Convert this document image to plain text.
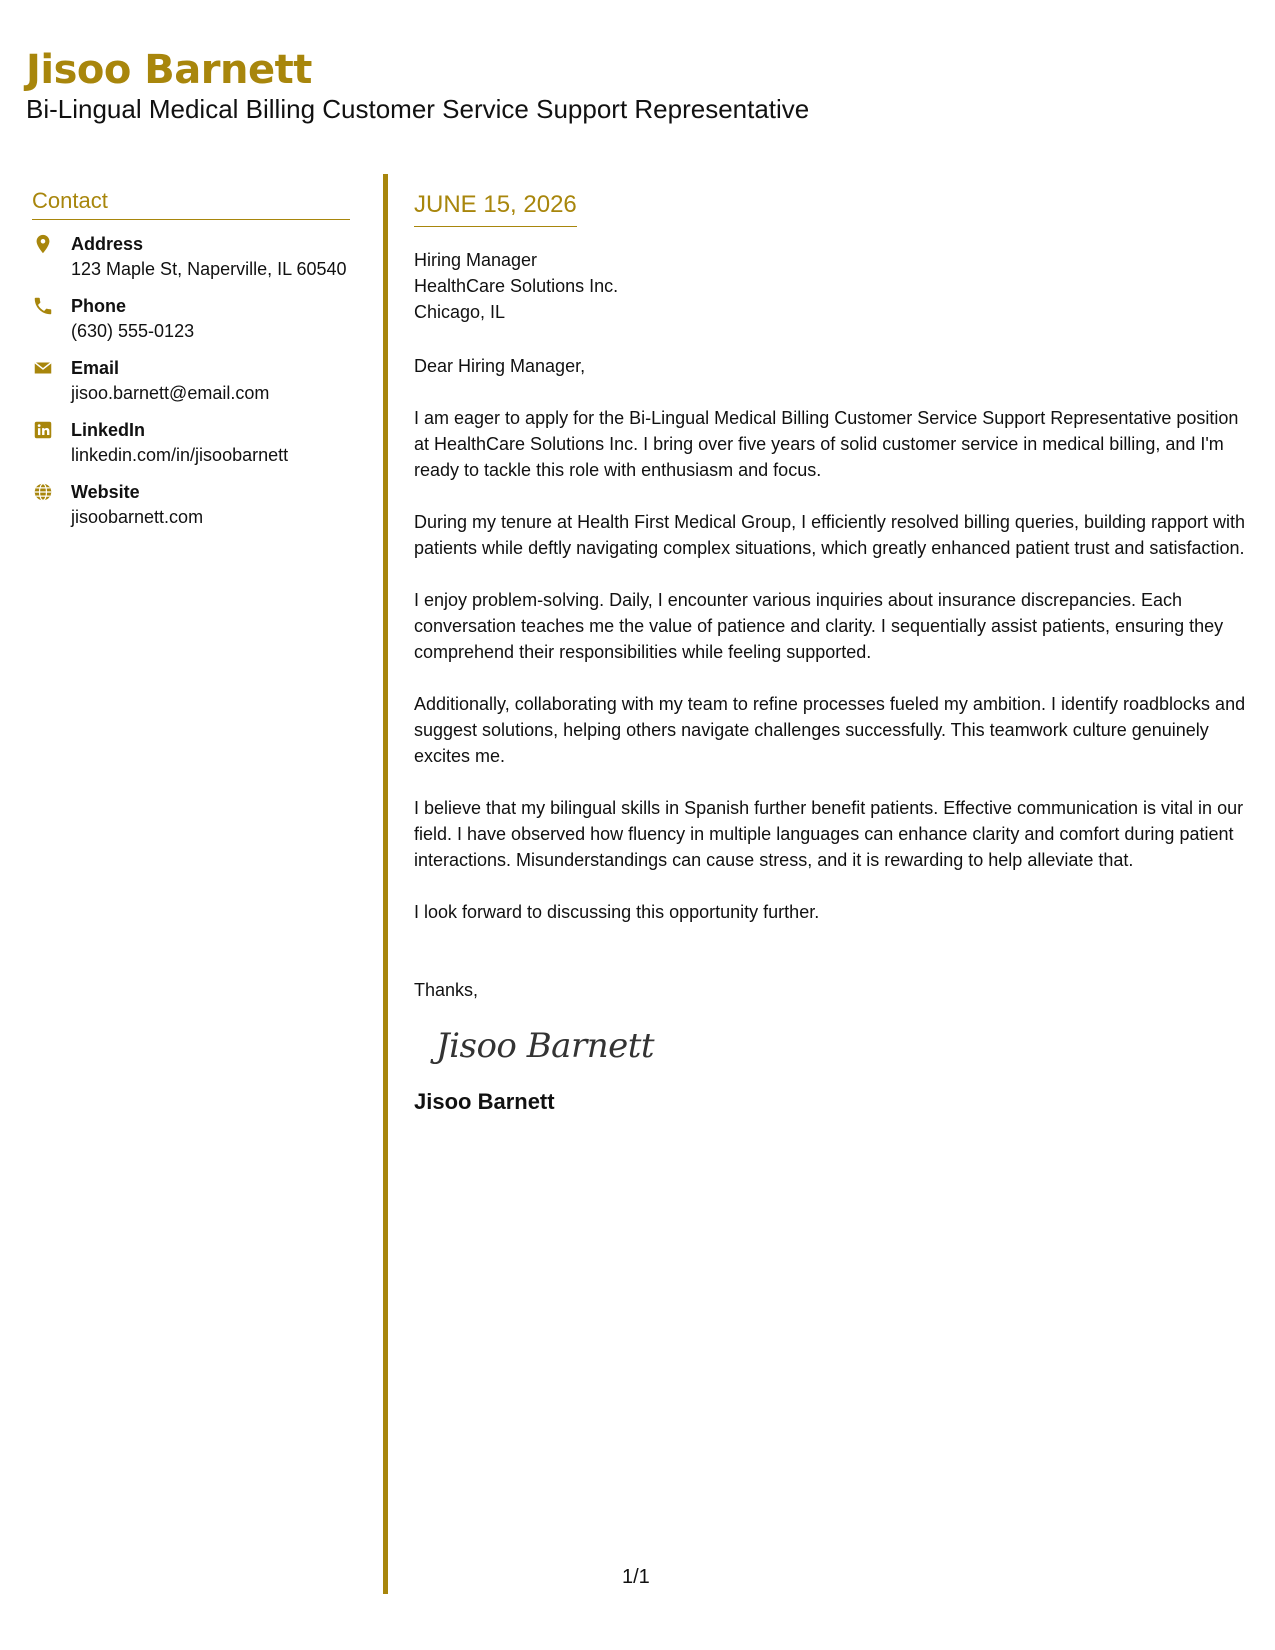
Jisoo Barnett
Bi-Lingual Medical Billing Customer Service Support Representative
Contact
Address
123 Maple St, Naperville, IL 60540
Phone
(630) 555-0123
Email
jisoo.barnett@email.com
LinkedIn
linkedin.com/in/jisoobarnett
Website
jisoobarnett.com
JUNE 15, 2026
Hiring Manager
HealthCare Solutions Inc.
Chicago, IL
Dear Hiring Manager,
I am eager to apply for the Bi-Lingual Medical Billing Customer Service Support Representative position at HealthCare Solutions Inc. I bring over five years of solid customer service in medical billing, and I'm ready to tackle this role with enthusiasm and focus.
During my tenure at Health First Medical Group, I efficiently resolved billing queries, building rapport with patients while deftly navigating complex situations, which greatly enhanced patient trust and satisfaction.
I enjoy problem-solving. Daily, I encounter various inquiries about insurance discrepancies. Each conversation teaches me the value of patience and clarity. I sequentially assist patients, ensuring they comprehend their responsibilities while feeling supported.
Additionally, collaborating with my team to refine processes fueled my ambition. I identify roadblocks and suggest solutions, helping others navigate challenges successfully. This teamwork culture genuinely excites me.
I believe that my bilingual skills in Spanish further benefit patients. Effective communication is vital in our field. I have observed how fluency in multiple languages can enhance clarity and comfort during patient interactions. Misunderstandings can cause stress, and it is rewarding to help alleviate that.
I look forward to discussing this opportunity further.
Thanks,
Jisoo Barnett
Jisoo Barnett
1/1
